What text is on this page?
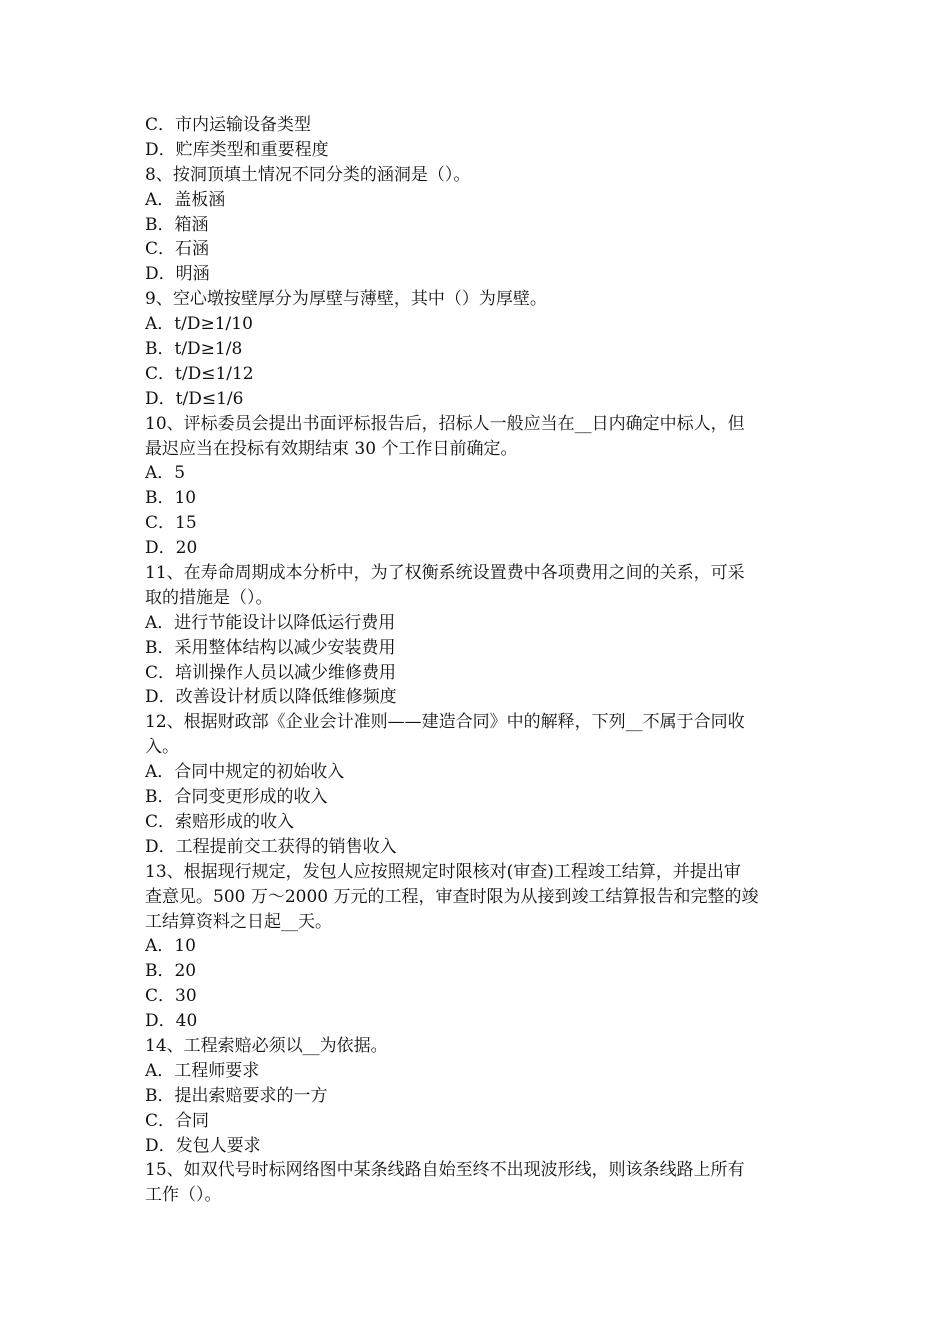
C．市内运输设备类型
D．贮库类型和重要程度
8、按洞顶填土情况不同分类的涵洞是（）。
A．盖板涵
B．箱涵
C．石涵
D．明涵
9、空心墩按壁厚分为厚壁与薄壁，其中（）为厚壁。
A．t/D≥1/10
B．t/D≥1/8
C．t/D≤1/12
D．t/D≤1/6
10、评标委员会提出书面评标报告后，招标人一般应当在__日内确定中标人，但
最迟应当在投标有效期结束 30 个工作日前确定。
A．5
B．10
C．15
D．20
11、在寿命周期成本分析中，为了权衡系统设置费中各项费用之间的关系，可采
取的措施是（）。
A．进行节能设计以降低运行费用
B．采用整体结构以减少安装费用
C．培训操作人员以减少维修费用
D．改善设计材质以降低维修频度
12、根据财政部《企业会计准则——建造合同》中的解释，下列__不属于合同收
入。
A．合同中规定的初始收入
B．合同变更形成的收入
C．索赔形成的收入
D．工程提前交工获得的销售收入
13、根据现行规定，发包人应按照规定时限核对(审查)工程竣工结算，并提出审
查意见。500 万～2000 万元的工程，审查时限为从接到竣工结算报告和完整的竣
工结算资料之日起__天。
A．10
B．20
C．30
D．40
14、工程索赔必须以__为依据。
A．工程师要求
B．提出索赔要求的一方
C．合同
D．发包人要求
15、如双代号时标网络图中某条线路自始至终不出现波形线，则该条线路上所有
工作（）。
